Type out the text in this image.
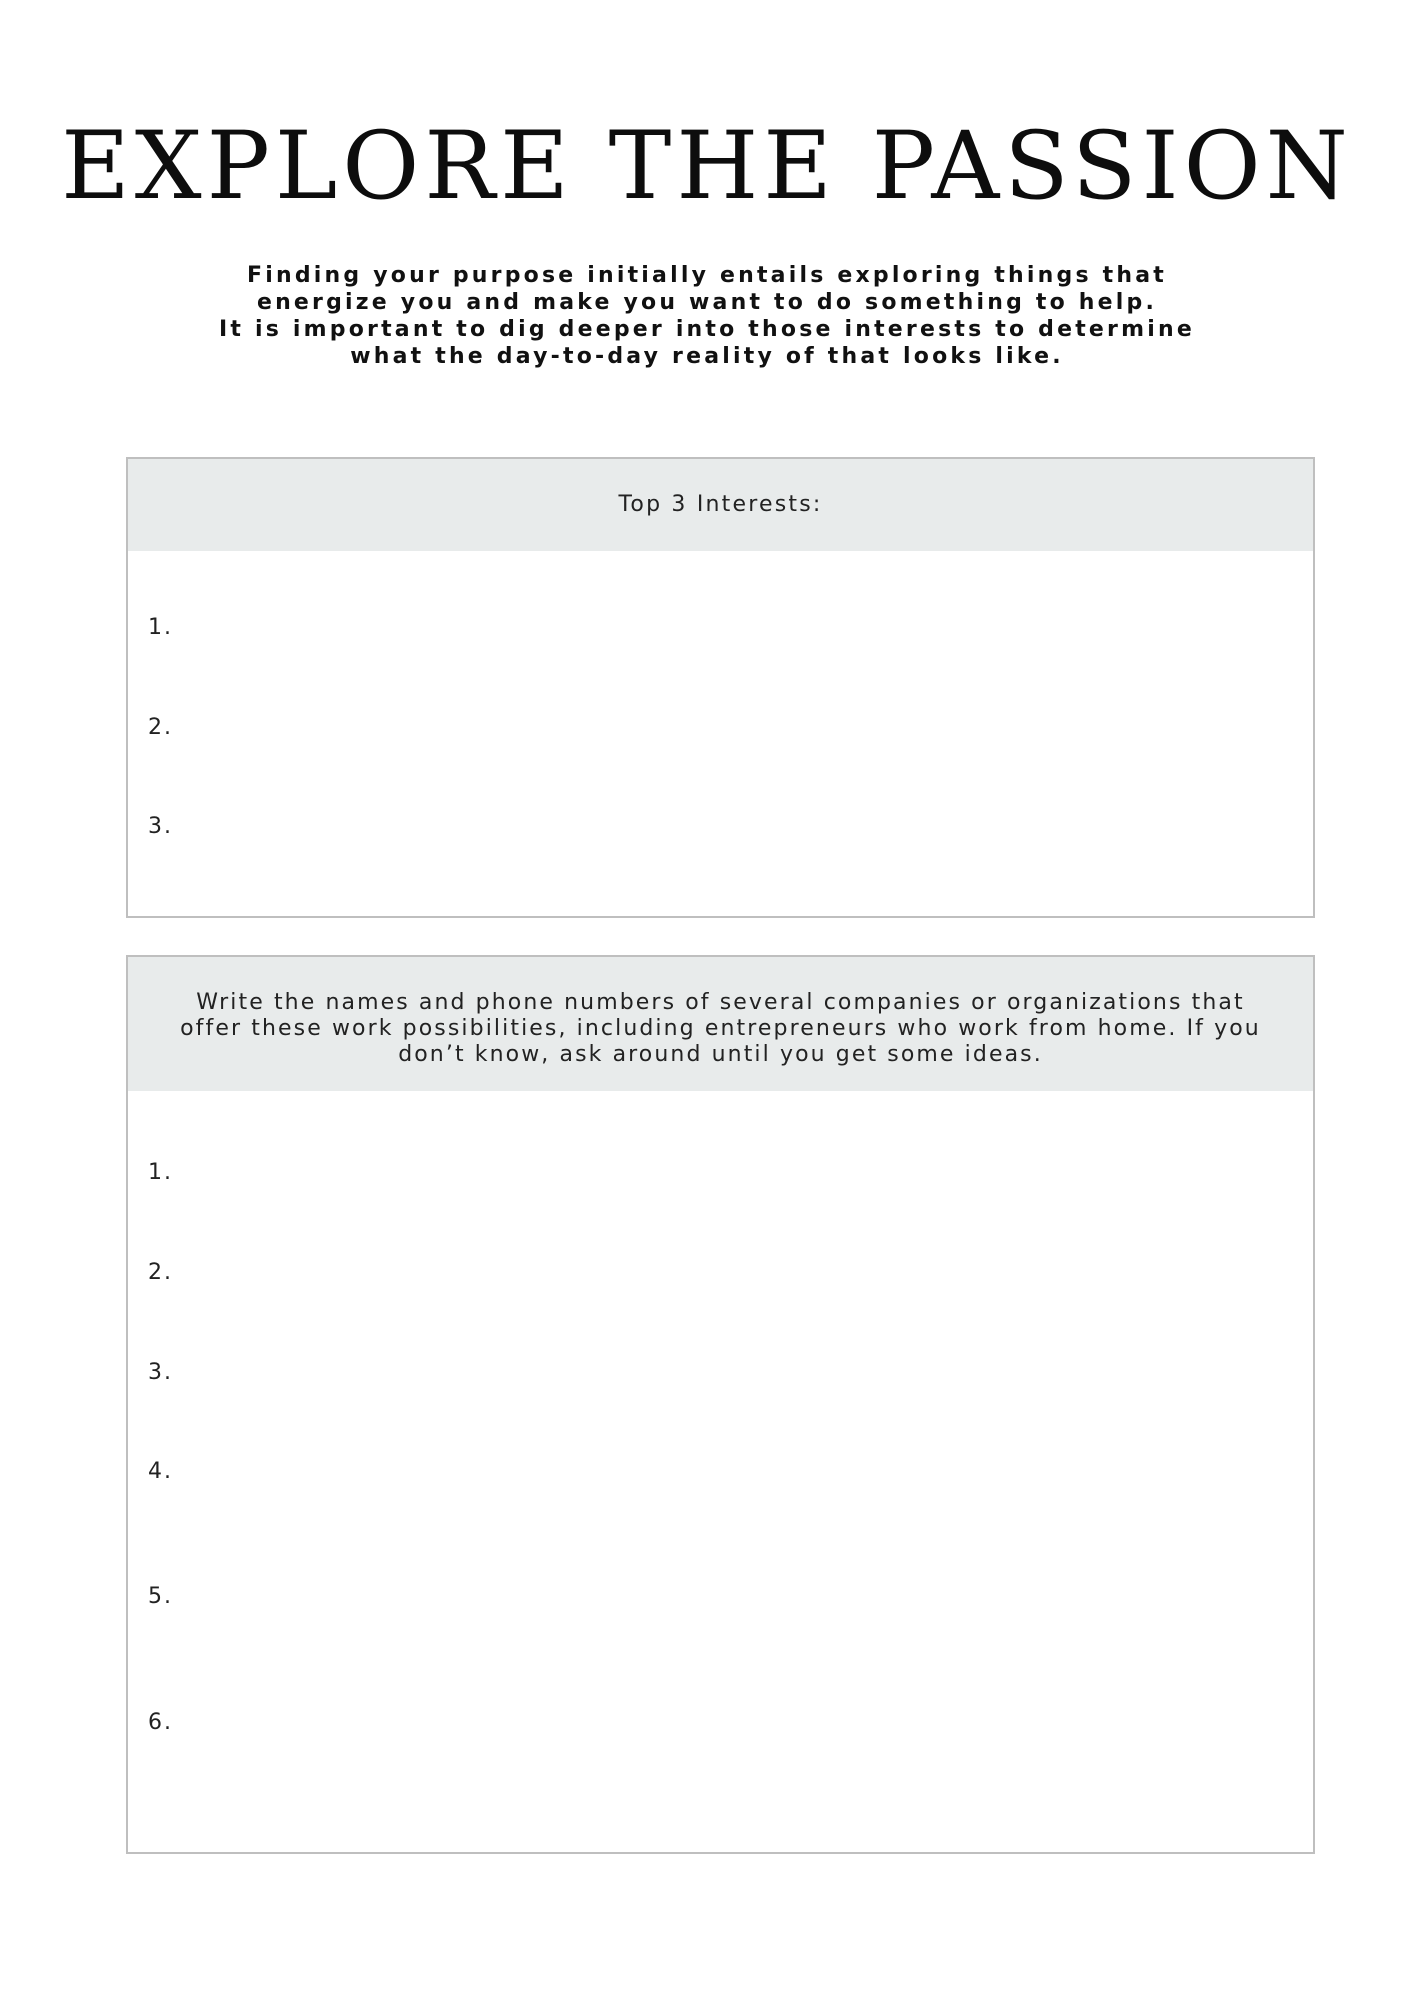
EXPLORE THE PASSION
Finding your purpose initially entails exploring things that
energize you and make you want to do something to help.
It is important to dig deeper into those interests to determine
what the day-to-day reality of that looks like.
Top 3 Interests:
1.
2.
3.
Write the names and phone numbers of several companies or organizations that
offer these work possibilities, including entrepreneurs who work from home. If you
don’t know, ask around until you get some ideas.
1.
2.
3.
4.
5.
6.
